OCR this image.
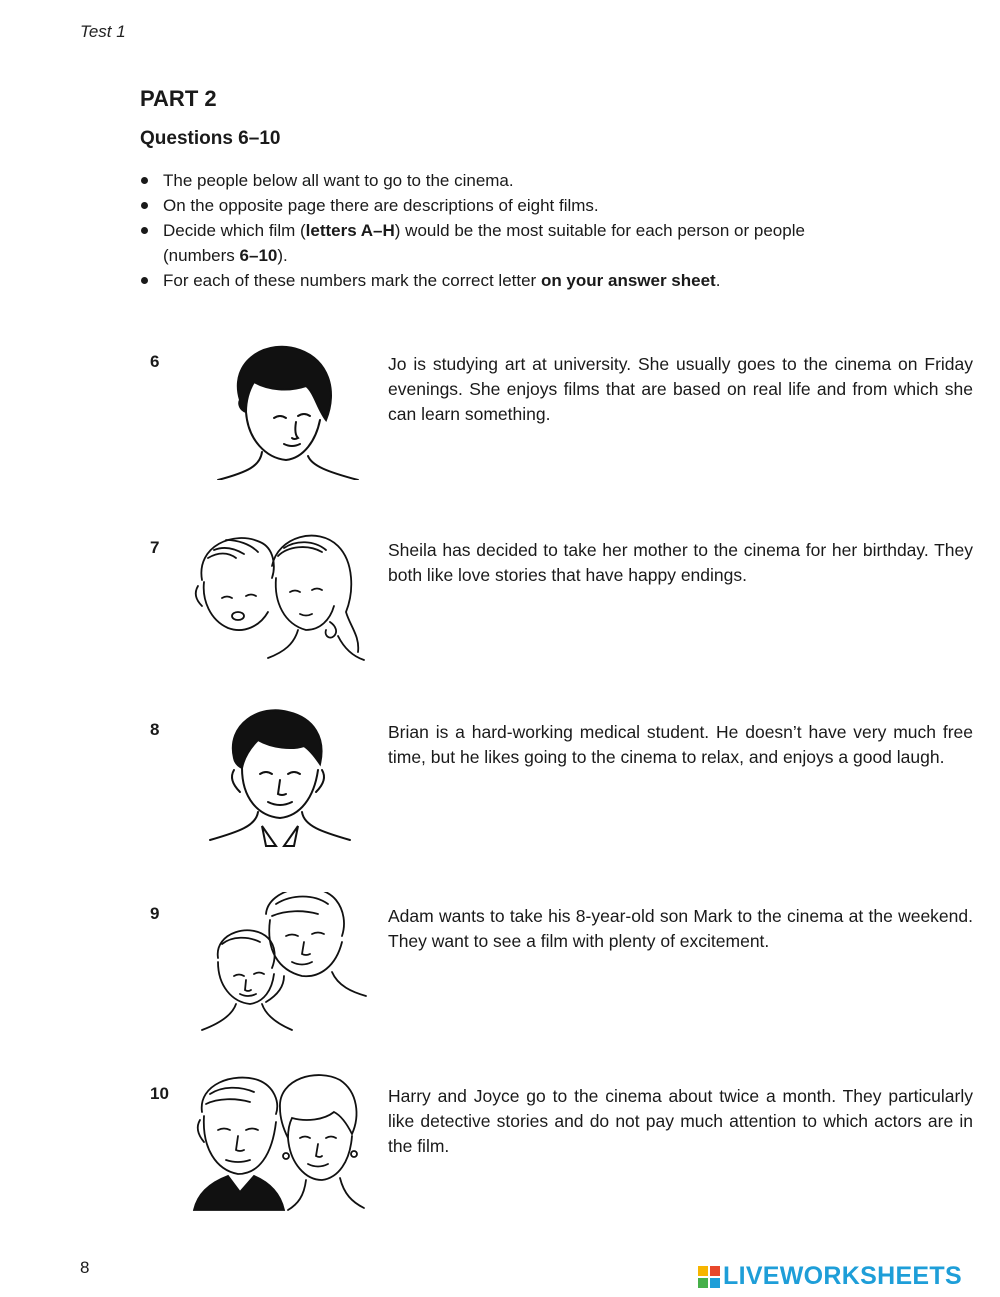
Test 1
PART 2
Questions 6–10
The people below all want to go to the cinema.
On the opposite page there are descriptions of eight films.
Decide which film (letters A–H) would be the most suitable for each person or people (numbers 6–10).
For each of these numbers mark the correct letter on your answer sheet.
6	Jo is studying art at university. She usually goes to the cinema on Friday evenings. She enjoys films that are based on real life and from which she can learn something.

7	Sheila has decided to take her mother to the cinema for her birthday. They both like love stories that have happy endings.

8	Brian is a hard-working medical student. He doesn’t have very much free time, but he likes going to the cinema to relax, and enjoys a good laugh.

9	Adam wants to take his 8-year-old son Mark to the cinema at the weekend. They want to see a film with plenty of excitement.

10	Harry and Joyce go to the cinema about twice a month. They particularly like detective stories and do not pay much attention to which actors are in the film.

8	LIVEWORKSHEETS
